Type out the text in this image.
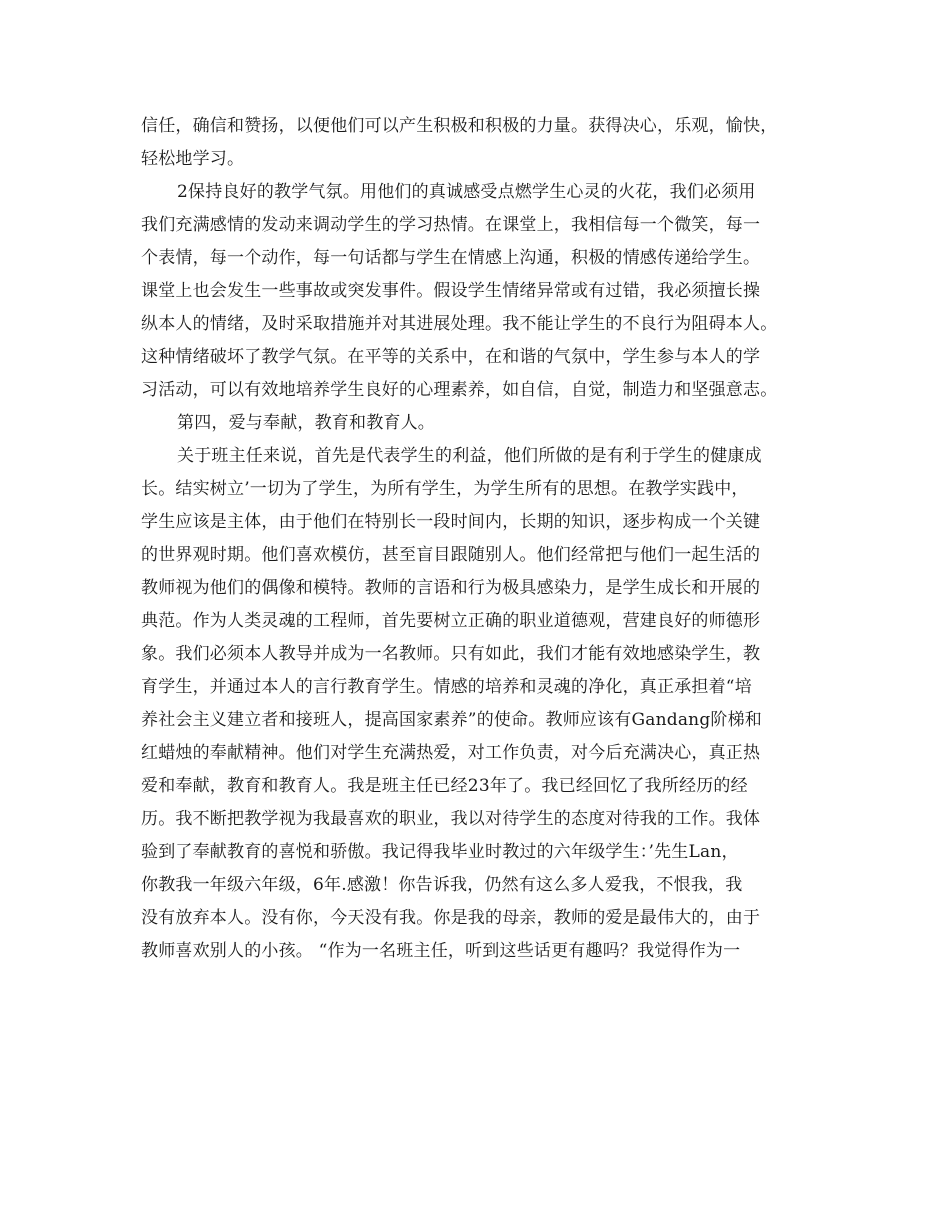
信任，确信和赞扬，以便他们可以产生积极和积极的力量。获得决心，乐观，愉快，
轻松地学习。
2保持良好的教学气氛。用他们的真诚感受点燃学生心灵的火花，我们必须用
我们充满感情的发动来调动学生的学习热情。在课堂上，我相信每一个微笑，每一
个表情，每一个动作，每一句话都与学生在情感上沟通，积极的情感传递给学生。
课堂上也会发生一些事故或突发事件。假设学生情绪异常或有过错，我必须擅长操
纵本人的情绪，及时采取措施并对其进展处理。我不能让学生的不良行为阻碍本人。
这种情绪破坏了教学气氛。在平等的关系中，在和谐的气氛中，学生参与本人的学
习活动，可以有效地培养学生良好的心理素养，如自信，自觉，制造力和坚强意志。
第四，爱与奉献，教育和教育人。
关于班主任来说，首先是代表学生的利益，他们所做的是有利于学生的健康成
长。结实树立’一切为了学生，为所有学生，为学生所有的思想。在教学实践中，
学生应该是主体，由于他们在特别长一段时间内，长期的知识，逐步构成一个关键
的世界观时期。他们喜欢模仿，甚至盲目跟随别人。他们经常把与他们一起生活的
教师视为他们的偶像和模特。教师的言语和行为极具感染力，是学生成长和开展的
典范。作为人类灵魂的工程师，首先要树立正确的职业道德观，营建良好的师德形
象。我们必须本人教导并成为一名教师。只有如此，我们才能有效地感染学生，教
育学生，并通过本人的言行教育学生。情感的培养和灵魂的净化，真正承担着“培
养社会主义建立者和接班人，提高国家素养”的使命。教师应该有Gandang阶梯和
红蜡烛的奉献精神。他们对学生充满热爱，对工作负责，对今后充满决心，真正热
爱和奉献，教育和教育人。我是班主任已经23年了。我已经回忆了我所经历的经
历。我不断把教学视为我最喜欢的职业，我以对待学生的态度对待我的工作。我体
验到了奉献教育的喜悦和骄傲。我记得我毕业时教过的六年级学生：’先生Lan，
你教我一年级六年级，6年.感激！你告诉我，仍然有这么多人爱我，不恨我，我
没有放弃本人。没有你，今天没有我。你是我的母亲，教师的爱是最伟大的，由于
教师喜欢别人的小孩。 “作为一名班主任，听到这些话更有趣吗？我觉得作为一
